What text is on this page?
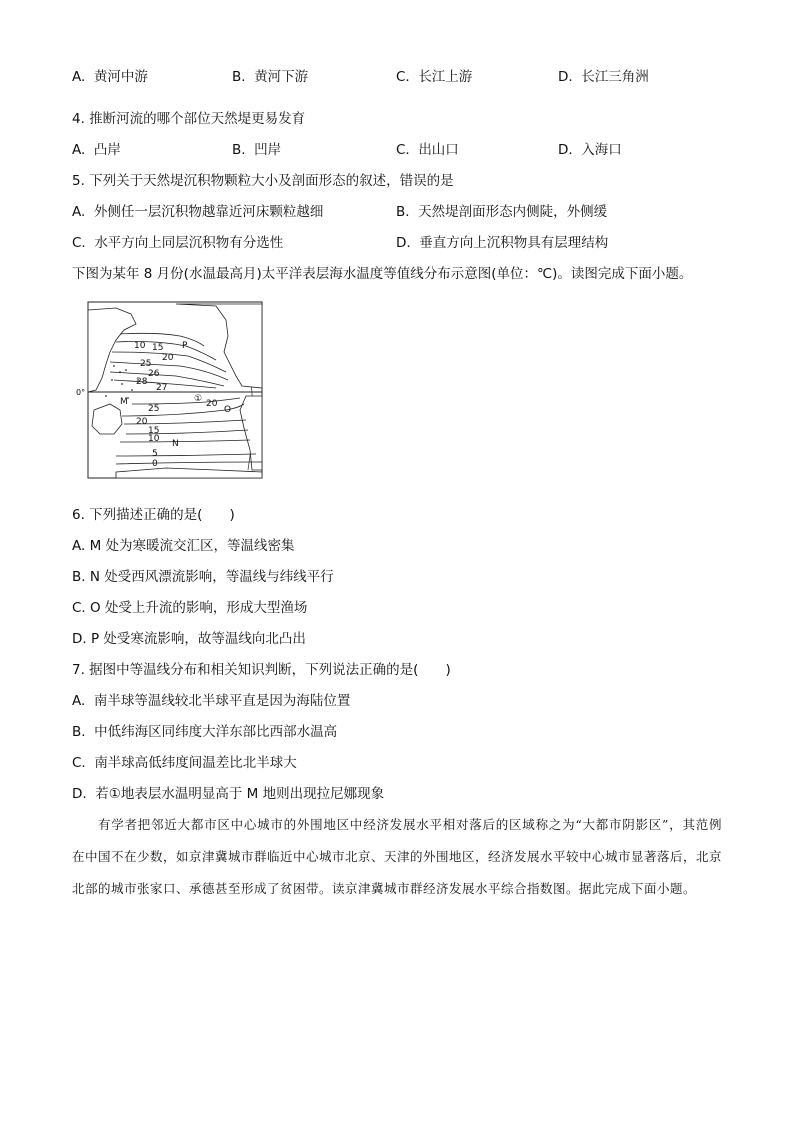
A. 黄河中游	B. 黄河下游	C. 长江上游	D. 长江三角洲
4. 推断河流的哪个部位天然堤更易发育
A. 凸岸	B. 凹岸	C. 出山口	D. 入海口
5. 下列关于天然堤沉积物颗粒大小及剖面形态的叙述，错误的是
A. 外侧任一层沉积物越靠近河床颗粒越细	B. 天然堤剖面形态内侧陡，外侧缓
C. 水平方向上同层沉积物有分选性	D. 垂直方向上沉积物具有层理结构
下图为某年 8 月份(水温最高月)太平洋表层海水温度等值线分布示意图(单位：℃)。读图完成下面小题。
10 15
20
25
26
28
27
25	20
20
15
10
5
0
P
M
O
N
①
0°
6. 下列描述正确的是(　　)
A. M 处为寒暖流交汇区，等温线密集
B. N 处受西风漂流影响，等温线与纬线平行
C. O 处受上升流的影响，形成大型渔场
D. P 处受寒流影响，故等温线向北凸出
7. 据图中等温线分布和相关知识判断，下列说法正确的是(　　)
A. 南半球等温线较北半球平直是因为海陆位置
B. 中低纬海区同纬度大洋东部比西部水温高
C. 南半球高低纬度间温差比北半球大
D. 若①地表层水温明显高于 M 地则出现拉尼娜现象

有学者把邻近大都市区中心城市的外围地区中经济发展水平相对落后的区域称之为“大都市阴影区”，其范例在中国不在少数，如京津冀城市群临近中心城市北京、天津的外围地区，经济发展水平较中心城市显著落后，北京北部的城市张家口、承德甚至形成了贫困带。读京津冀城市群经济发展水平综合指数图。据此完成下面小题。
